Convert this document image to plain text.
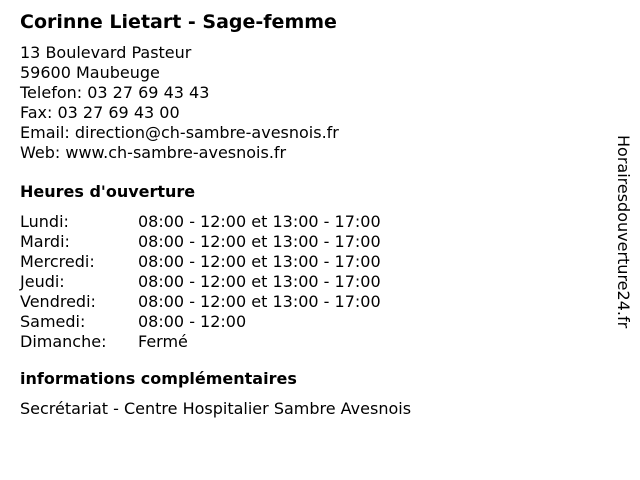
Corinne Lietart - Sage-femme
13 Boulevard Pasteur
59600 Maubeuge
Telefon: 03 27 69 43 43
Fax: 03 27 69 43 00
Email: direction@ch-sambre-avesnois.fr
Web: www.ch-sambre-avesnois.fr
Heures d'ouverture
Lundi:	08:00 - 12:00 et 13:00 - 17:00
Mardi:	08:00 - 12:00 et 13:00 - 17:00
Mercredi:	08:00 - 12:00 et 13:00 - 17:00
Jeudi:	08:00 - 12:00 et 13:00 - 17:00
Vendredi:	08:00 - 12:00 et 13:00 - 17:00
Samedi:	08:00 - 12:00
Dimanche:	Fermé
informations complémentaires
Secrétariat - Centre Hospitalier Sambre Avesnois
Horairesdouverture24.fr
